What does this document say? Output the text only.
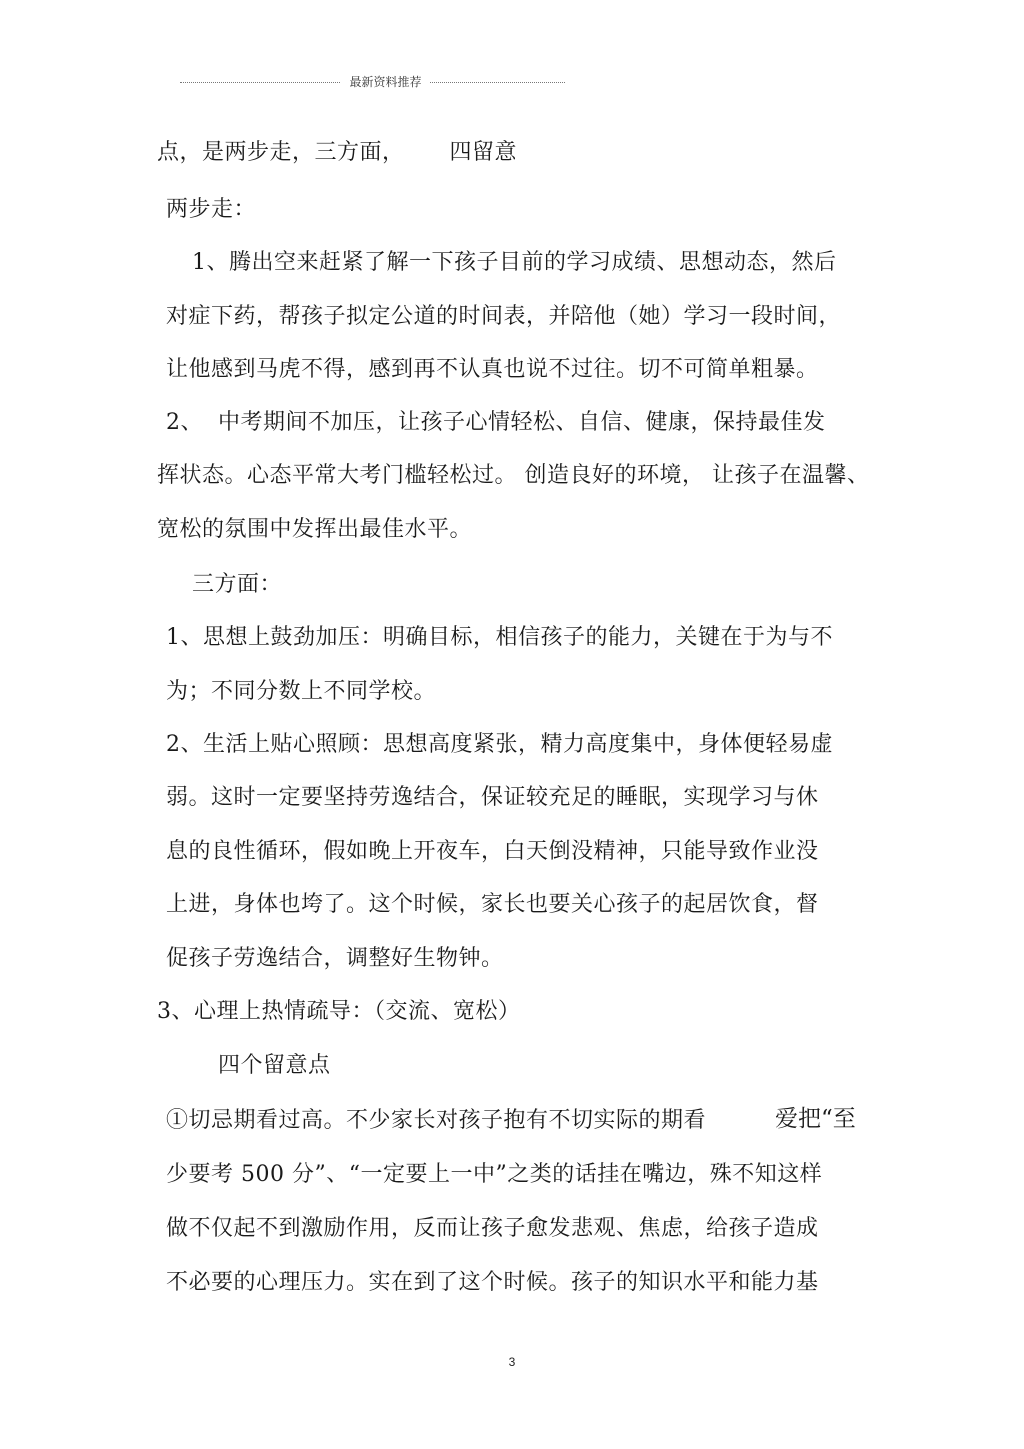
最新资料推荐
点，是两步走，三方面，      四留意
两步走：
1、腾出空来赶紧了解一下孩子目前的学习成绩、思想动态，然后
对症下药，帮孩子拟定公道的时间表，并陪他（她）学习一段时间，
让他感到马虎不得，感到再不认真也说不过往。切不可简单粗暴。
2、  中考期间不加压，让孩子心情轻松、自信、健康，保持最佳发
挥状态。心态平常大考门槛轻松过。 创造良好的环境， 让孩子在温馨、
宽松的氛围中发挥出最佳水平。
三方面：
1、思想上鼓劲加压：明确目标，相信孩子的能力，关键在于为与不
为；不同分数上不同学校。
2、生活上贴心照顾：思想高度紧张，精力高度集中，身体便轻易虚
弱。这时一定要坚持劳逸结合，保证较充足的睡眠，实现学习与休
息的良性循环，假如晚上开夜车，白天倒没精神，只能导致作业没
上进，身体也垮了。这个时候，家长也要关心孩子的起居饮食，督
促孩子劳逸结合，调整好生物钟。
3、心理上热情疏导：（交流、宽松）
四个留意点
①切忌期看过高。不少家长对孩子抱有不切实际的期看	爱把“至
少要考 500 分”、“一定要上一中”之类的话挂在嘴边，殊不知这样
做不仅起不到激励作用，反而让孩子愈发悲观、焦虑，给孩子造成
不必要的心理压力。实在到了这个时候。孩子的知识水平和能力基
3
